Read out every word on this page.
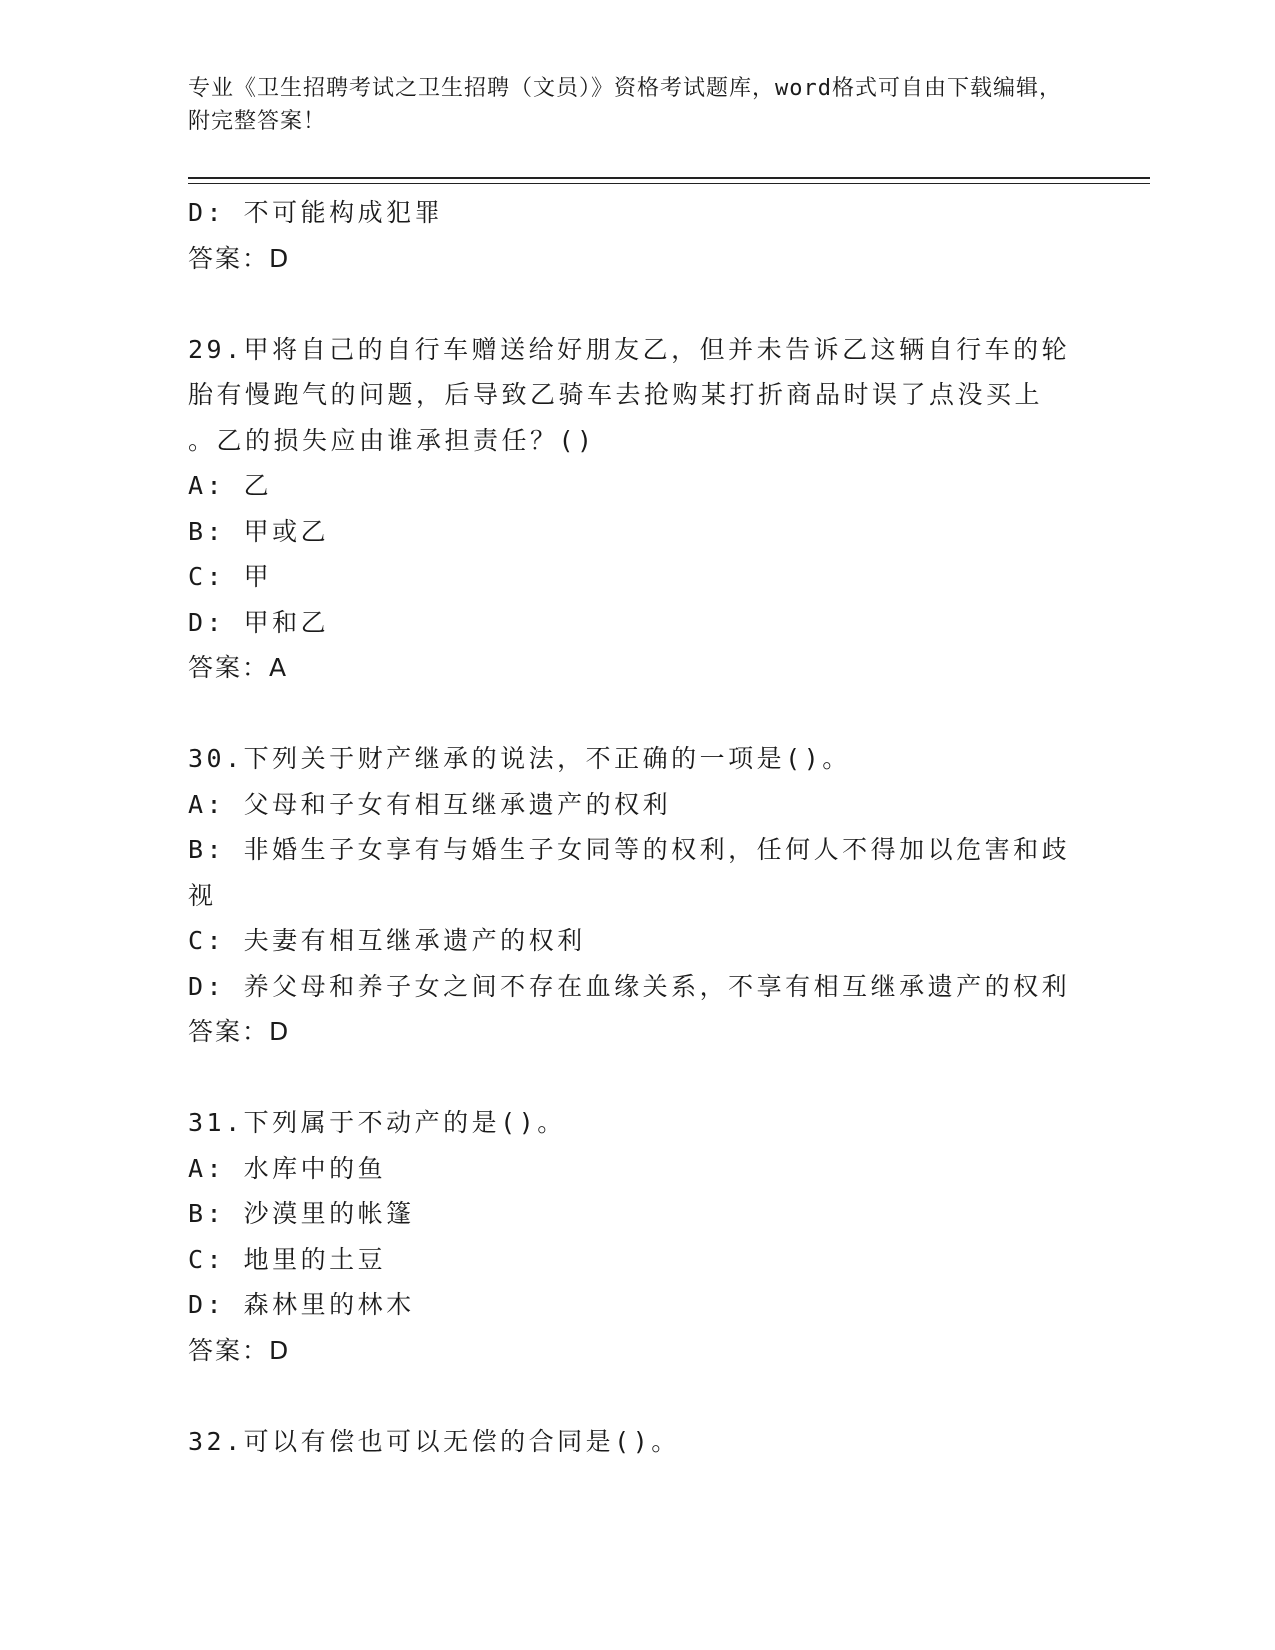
专业《卫生招聘考试之卫生招聘（文员）》资格考试题库，word格式可自由下载编辑，附完整答案！
D: 不可能构成犯罪
答案：D
29.甲将自己的自行车赠送给好朋友乙，但并未告诉乙这辆自行车的轮
胎有慢跑气的问题，后导致乙骑车去抢购某打折商品时误了点没买上
。乙的损失应由谁承担责任？()
A: 乙
B: 甲或乙
C: 甲
D: 甲和乙
答案：A
30.下列关于财产继承的说法，不正确的一项是()。
A: 父母和子女有相互继承遗产的权利
B: 非婚生子女享有与婚生子女同等的权利，任何人不得加以危害和歧
视
C: 夫妻有相互继承遗产的权利
D: 养父母和养子女之间不存在血缘关系，不享有相互继承遗产的权利
答案：D
31.下列属于不动产的是()。
A: 水库中的鱼
B: 沙漠里的帐篷
C: 地里的土豆
D: 森林里的林木
答案：D
32.可以有偿也可以无偿的合同是()。
